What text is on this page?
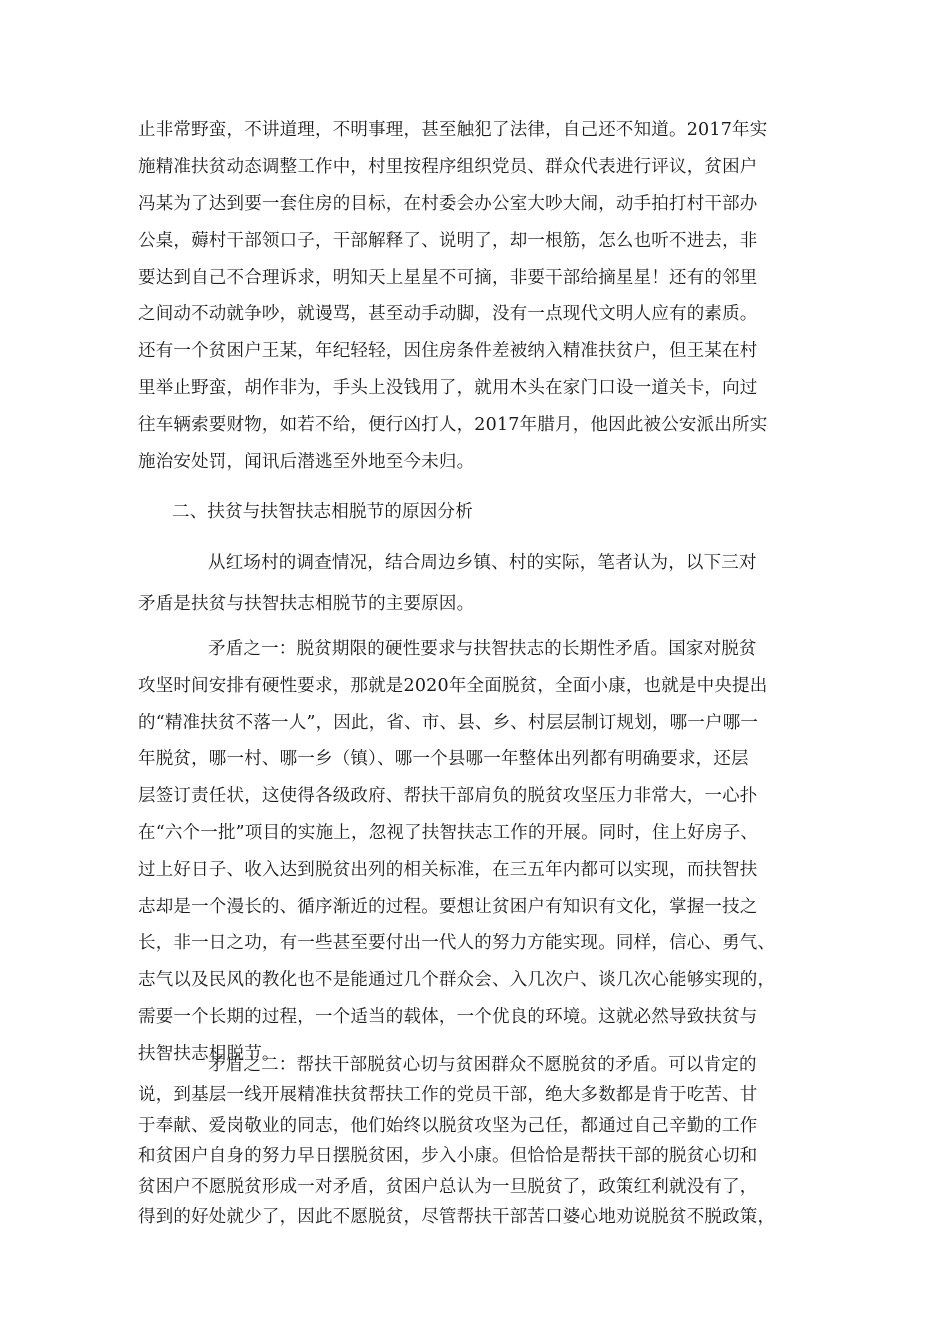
止非常野蛮，不讲道理，不明事理，甚至触犯了法律，自己还不知道。2017年实
施精准扶贫动态调整工作中，村里按程序组织党员、群众代表进行评议，贫困户
冯某为了达到要一套住房的目标，在村委会办公室大吵大闹，动手拍打村干部办
公桌，薅村干部领口子，干部解释了、说明了，却一根筋，怎么也听不进去，非
要达到自己不合理诉求，明知天上星星不可摘，非要干部给摘星星！还有的邻里
之间动不动就争吵，就谩骂，甚至动手动脚，没有一点现代文明人应有的素质。
还有一个贫困户王某，年纪轻轻，因住房条件差被纳入精准扶贫户，但王某在村
里举止野蛮，胡作非为，手头上没钱用了，就用木头在家门口设一道关卡，向过
往车辆索要财物，如若不给，便行凶打人，2017年腊月，他因此被公安派出所实
施治安处罚，闻讯后潜逃至外地至今未归。
二、扶贫与扶智扶志相脱节的原因分析
从红场村的调查情况，结合周边乡镇、村的实际，笔者认为，以下三对
矛盾是扶贫与扶智扶志相脱节的主要原因。
矛盾之一：脱贫期限的硬性要求与扶智扶志的长期性矛盾。国家对脱贫
攻坚时间安排有硬性要求，那就是2020年全面脱贫，全面小康，也就是中央提出
的“精准扶贫不落一人”，因此，省、市、县、乡、村层层制订规划，哪一户哪一
年脱贫，哪一村、哪一乡（镇）、哪一个县哪一年整体出列都有明确要求，还层
层签订责任状，这使得各级政府、帮扶干部肩负的脱贫攻坚压力非常大，一心扑
在“六个一批”项目的实施上，忽视了扶智扶志工作的开展。同时，住上好房子、
过上好日子、收入达到脱贫出列的相关标准，在三五年内都可以实现，而扶智扶
志却是一个漫长的、循序渐近的过程。要想让贫困户有知识有文化，掌握一技之
长，非一日之功，有一些甚至要付出一代人的努力方能实现。同样，信心、勇气、
志气以及民风的教化也不是能通过几个群众会、入几次户、谈几次心能够实现的，
需要一个长期的过程，一个适当的载体，一个优良的环境。这就必然导致扶贫与
扶智扶志相脱节。
矛盾之二：帮扶干部脱贫心切与贫困群众不愿脱贫的矛盾。可以肯定的
说，到基层一线开展精准扶贫帮扶工作的党员干部，绝大多数都是肯于吃苦、甘
于奉献、爱岗敬业的同志，他们始终以脱贫攻坚为己任，都通过自己辛勤的工作
和贫困户自身的努力早日摆脱贫困，步入小康。但恰恰是帮扶干部的脱贫心切和
贫困户不愿脱贫形成一对矛盾，贫困户总认为一旦脱贫了，政策红利就没有了，
得到的好处就少了，因此不愿脱贫，尽管帮扶干部苦口婆心地劝说脱贫不脱政策，
